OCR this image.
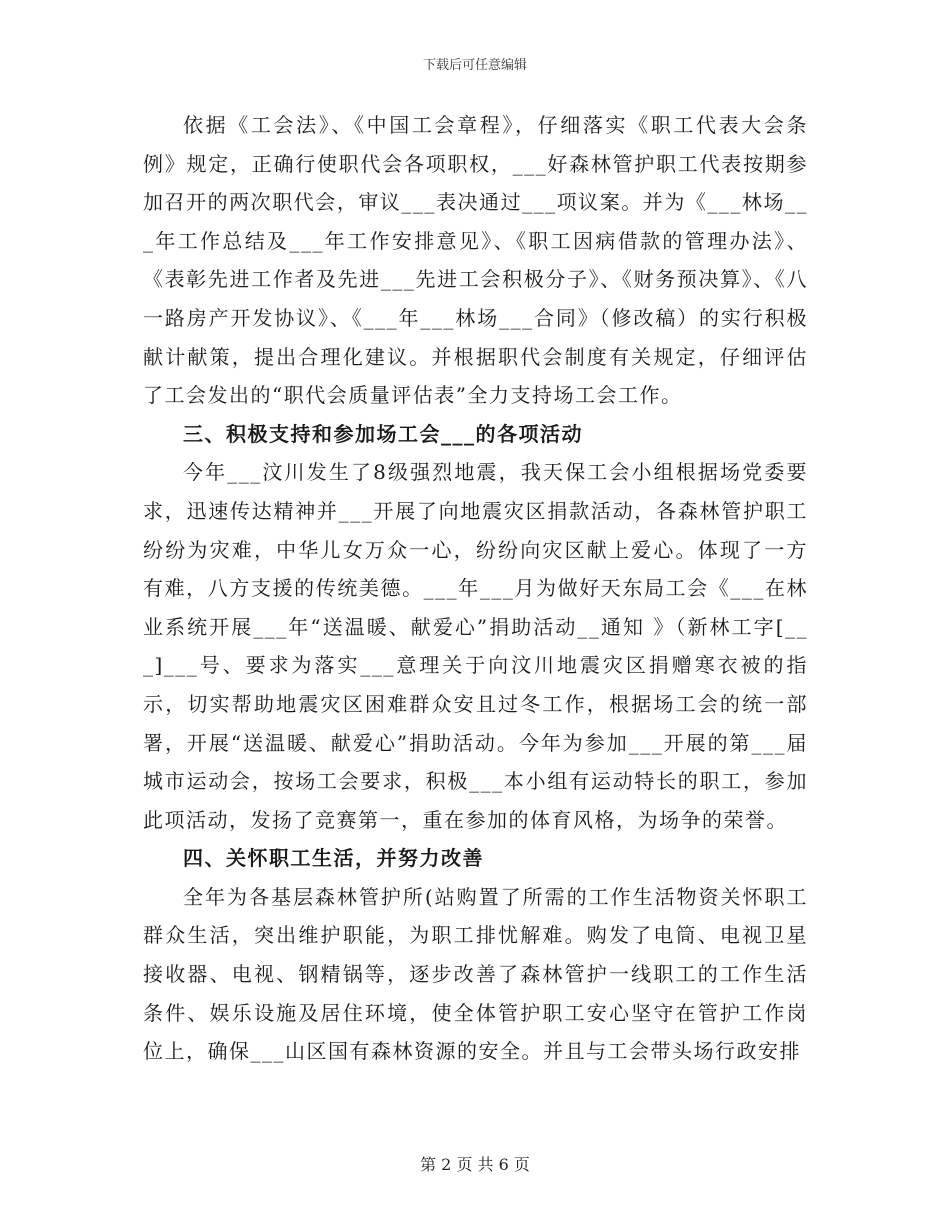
下载后可任意编辑

依据《工会法》、《中国工会章程》，仔细落实《职工代表大会条例》规定，正确行使职代会各项职权，___好森林管护职工代表按期参加召开的两次职代会，审议___表决通过___项议案。并为《___林场___年工作总结及___年工作安排意见》、《职工因病借款的管理办法》、《表彰先进工作者及先进___先进工会积极分子》、《财务预决算》、《八一路房产开发协议》、《___年___林场___合同》（修改稿）的实行积极献计献策，提出合理化建议。并根据职代会制度有关规定，仔细评估了工会发出的“职代会质量评估表”全力支持场工会工作。

三、积极支持和参加场工会___的各项活动

今年___汶川发生了8级强烈地震，我天保工会小组根据场党委要求，迅速传达精神并___开展了向地震灾区捐款活动，各森林管护职工纷纷为灾难，中华儿女万众一心，纷纷向灾区献上爱心。体现了一方有难，八方支援的传统美德。___年___月为做好天东局工会《___在林业系统开展___年“送温暖、献爱心”捐助活动__通知 》（新林工字[___]___号、要求为落实___意理关于向汶川地震灾区捐赠寒衣被的指示，切实帮助地震灾区困难群众安且过冬工作，根据场工会的统一部署，开展“送温暖、献爱心”捐助活动。今年为参加___开展的第___届城市运动会，按场工会要求，积极___本小组有运动特长的职工，参加此项活动，发扬了竞赛第一，重在参加的体育风格，为场争的荣誉。

四、关怀职工生活，并努力改善

全年为各基层森林管护所(站购置了所需的工作生活物资关怀职工群众生活，突出维护职能，为职工排忧解难。购发了电筒、电视卫星接收器、电视、钢精锅等，逐步改善了森林管护一线职工的工作生活条件、娱乐设施及居住环境，使全体管护职工安心坚守在管护工作岗位上，确保___山区国有森林资源的安全。并且与工会带头场行政安排

第 2 页 共 6 页
